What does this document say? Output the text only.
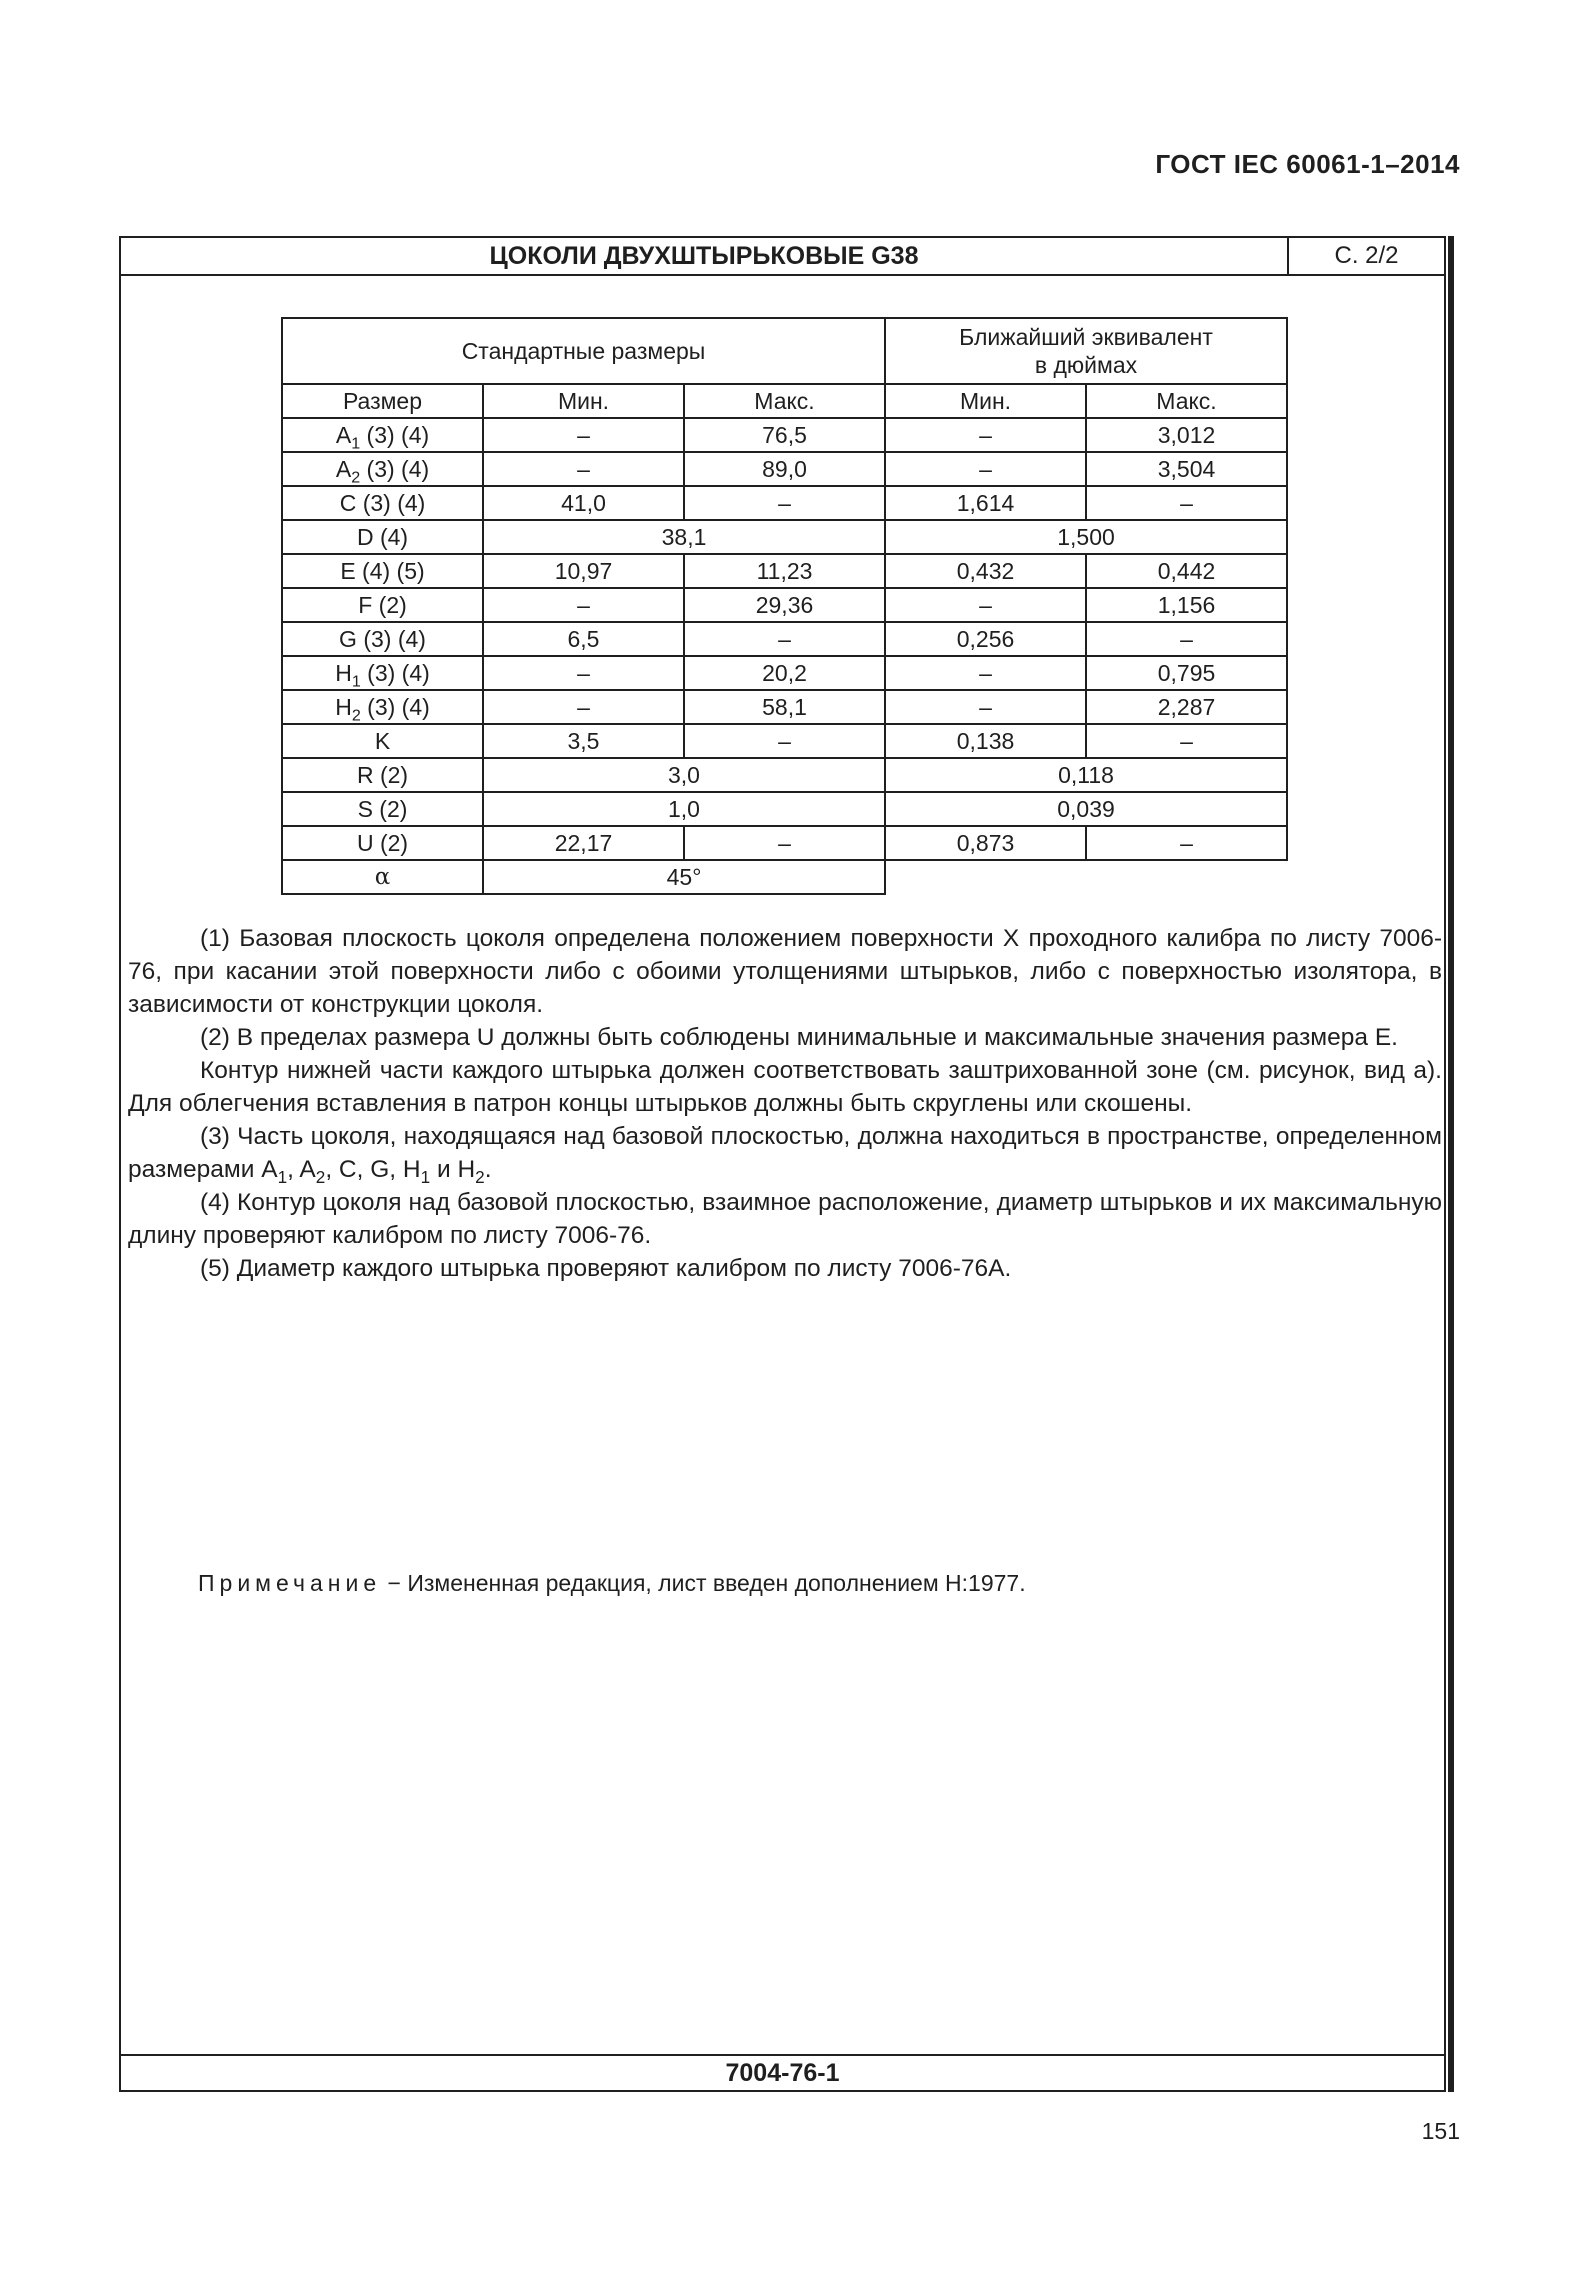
ГОСТ IEC 60061-1–2014
ЦОКОЛИ ДВУХШТЫРЬКОВЫЕ G38	С. 2/2
Стандартные размеры			Ближайший эквивалент
в дюймах	
Размер	Мин.	Макс.	Мин.	Макс.
$A_1$ (3) (4)	–	76,5	–	3,012
$A_2$ (3) (4)	–	89,0	–	3,504
C (3) (4)	41,0	–	1,614	–
D (4)	38,1		1,500	
E (4) (5)	10,97	11,23	0,432	0,442
F (2)	–	29,36	–	1,156
G (3) (4)	6,5	–	0,256	–
$H_1$ (3) (4)	–	20,2	–	0,795
$H_2$ (3) (4)	–	58,1	–	2,287
K	3,5	–	0,138	–
R (2)	3,0		0,118	
S (2)	1,0		0,039	
U (2)	22,17	–	0,873	–
α	45°			

(1) Базовая плоскость цоколя определена положением поверхности X проходного калибра по листу 7006-76, при касании этой поверхности либо с обоими утолщениями штырьков, либо с поверхностью изолятора, в зависимости от конструкции цоколя.

(2) В пределах размера U должны быть соблюдены минимальные и максимальные значения размера E.

Контур нижней части каждого штырька должен соответствовать заштрихованной зоне (см. рисунок, вид а). Для облегчения вставления в патрон концы штырьков должны быть скруглены или скошены.

(3) Часть цоколя, находящаяся над базовой плоскостью, должна находиться в пространстве, определенном размерами $A_1$, $A_2$, C, G, $H_1$ и $H_2$.

(4) Контур цоколя над базовой плоскостью, взаимное расположение, диаметр штырьков и их максимальную длину проверяют калибром по листу 7006-76.

(5) Диаметр каждого штырька проверяют калибром по листу 7006-76А.

Примечание − Измененная редакция, лист введен дополнением Н:1977.
7004-76-1
151
